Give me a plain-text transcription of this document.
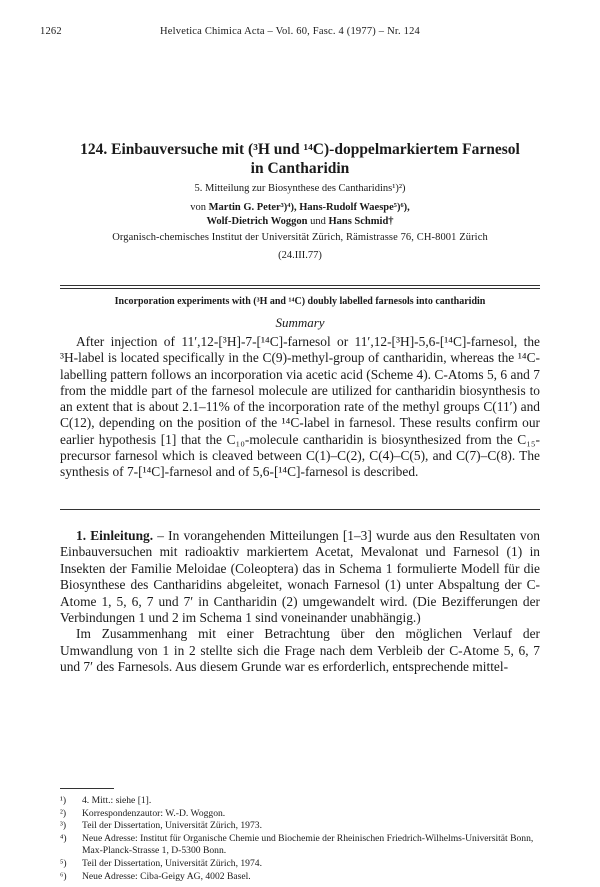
1262	Helvetica Chimica Acta – Vol. 60, Fasc. 4 (1977) – Nr. 124
124. Einbauversuche mit (³H und ¹⁴C)-doppelmarkiertem Farnesol
in Cantharidin
5. Mitteilung zur Biosynthese des Cantharidins¹)²)
von Martin G. Peter³)⁴), Hans-Rudolf Waespe⁵)⁶),
Wolf-Dietrich Woggon und Hans Schmid†
Organisch-chemisches Institut der Universität Zürich, Rämistrasse 76, CH-8001 Zürich
(24.III.77)
Incorporation experiments with (³H and ¹⁴C) doubly labelled farnesols into cantharidin
Summary

After injection of 11′,12-[³H]-7-[¹⁴C]-farnesol or 11′,12-[³H]-5,6-[¹⁴C]-farnesol, the ³H-label is located specifically in the C(9)-methyl-group of cantharidin, whereas the ¹⁴C-labelling pattern follows an incorporation via acetic acid (Scheme 4). C-Atoms 5, 6 and 7 from the middle part of the farnesol molecule are utilized for cantharidin biosynthesis to an extent that is about 2.1–11% of the incorporation rate of the methyl groups C(11′) and C(12), depending on the position of the ¹⁴C-label in farnesol. These results confirm our earlier hypothesis [1] that the C₁₀-molecule cantharidin is biosynthesized from the C₁₅-precursor farnesol which is cleaved between C(1)–C(2), C(4)–C(5), and C(7)–C(8). The synthesis of 7-[¹⁴C]-farnesol and of 5,6-[¹⁴C]-farnesol is described.

1. Einleitung. – In vorangehenden Mitteilungen [1–3] wurde aus den Resultaten von Einbauversuchen mit radioaktiv markiertem Acetat, Mevalonat und Farnesol (1) in Insekten der Familie Meloidae (Coleoptera) das in Schema 1 formulierte Modell für die Biosynthese des Cantharidins abgeleitet, wonach Farnesol (1) unter Abspaltung der C-Atome 1, 5, 6, 7 und 7′ in Cantharidin (2) umgewandelt wird. (Die Bezifferungen der Verbindungen 1 und 2 im Schema 1 sind voneinander unabhängig.)

Im Zusammenhang mit einer Betrachtung über den möglichen Verlauf der Umwandlung von 1 in 2 stellte sich die Frage nach dem Verbleib der C-Atome 5, 6, 7 und 7′ des Farnesols. Aus diesem Grunde war es erforderlich, entsprechende mittel-

¹)	4. Mitt.: siehe [1].
²)	Korrespondenzautor: W.-D. Woggon.
³)	Teil der Dissertation, Universität Zürich, 1973.
⁴)	Neue Adresse: Institut für Organische Chemie und Biochemie der Rheinischen Friedrich-Wilhelms-Universität Bonn, Max-Planck-Strasse 1, D-5300 Bonn.
⁵)	Teil der Dissertation, Universität Zürich, 1974.
⁶)	Neue Adresse: Ciba-Geigy AG, 4002 Basel.
